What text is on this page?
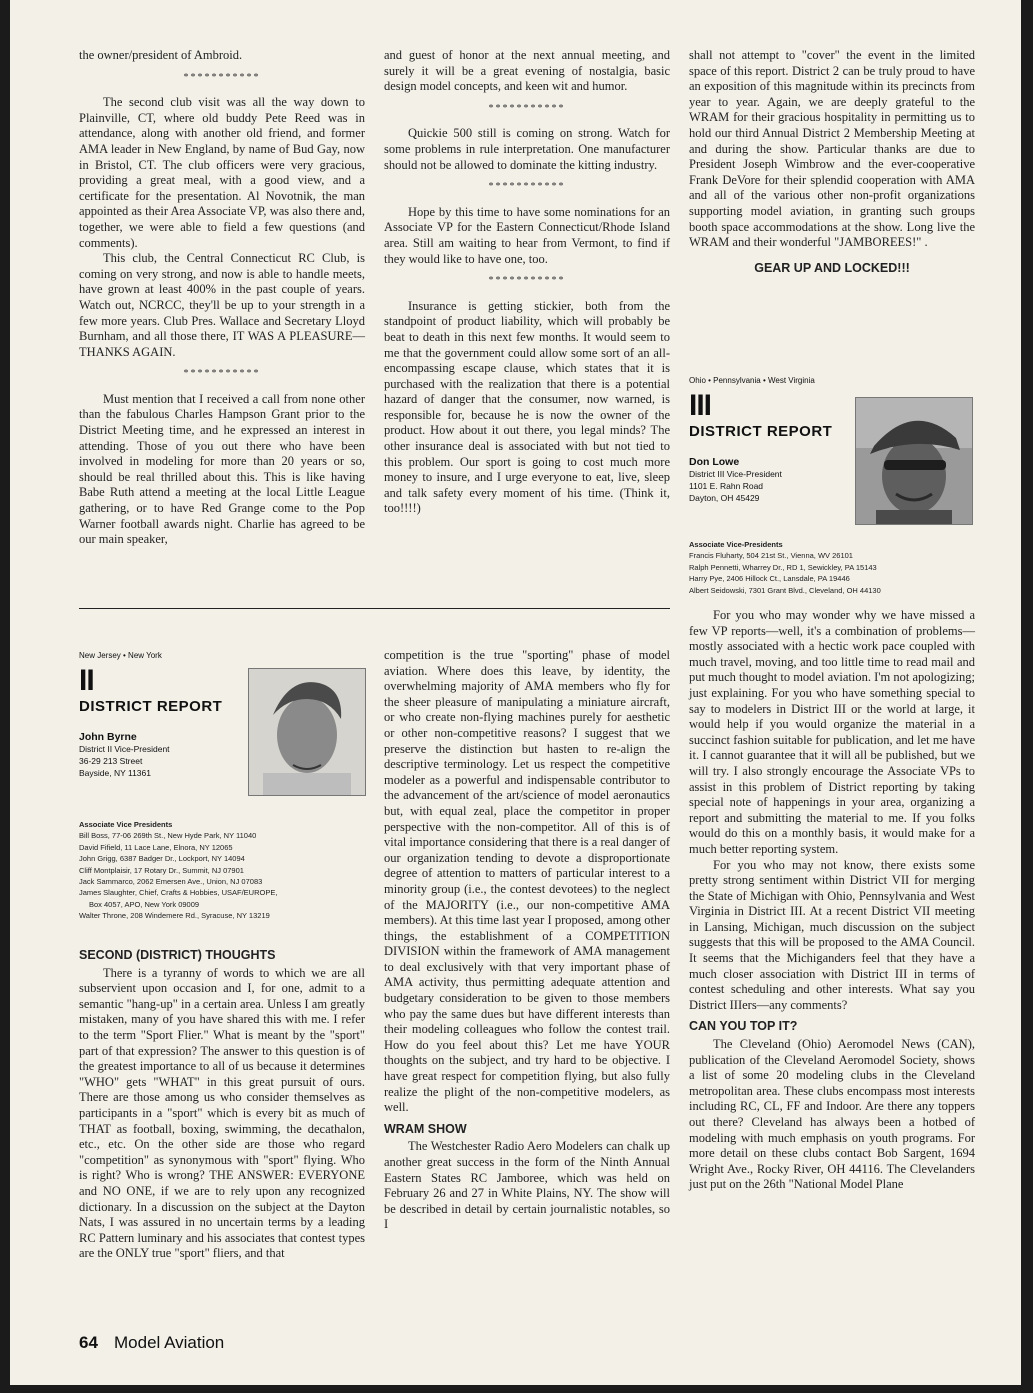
the owner/president of Ambroid.

***********

The second club visit was all the way down to Plainville, CT, where old buddy Pete Reed was in attendance, along with another old friend, and former AMA leader in New England, by name of Bud Gay, now in Bristol, CT. The club officers were very gracious, providing a great meal, with a good view, and a certificate for the presentation. Al Novotnik, the man appointed as their Area Associate VP, was also there and, together, we were able to field a few questions (and comments).

This club, the Central Connecticut RC Club, is coming on very strong, and now is able to handle meets, have grown at least 400% in the past couple of years. Watch out, NCRCC, they'll be up to your strength in a few more years. Club Pres. Wallace and Secretary Lloyd Burnham, and all those there, IT WAS A PLEASURE—THANKS AGAIN.

***********

Must mention that I received a call from none other than the fabulous Charles Hampson Grant prior to the District Meeting time, and he expressed an interest in attending. Those of you out there who have been involved in modeling for more than 20 years or so, should be real thrilled about this. This is like having Babe Ruth attend a meeting at the local Little League gathering, or to have Red Grange come to the Pop Warner football awards night. Charlie has agreed to be our main speaker,

and guest of honor at the next annual meeting, and surely it will be a great evening of nostalgia, basic design model concepts, and keen wit and humor.

***********

Quickie 500 still is coming on strong. Watch for some problems in rule interpretation. One manufacturer should not be allowed to dominate the kitting industry.

***********

Hope by this time to have some nominations for an Associate VP for the Eastern Connecticut/Rhode Island area. Still am waiting to hear from Vermont, to find if they would like to have one, too.

***********

Insurance is getting stickier, both from the standpoint of product liability, which will probably be beat to death in this next few months. It would seem to me that the government could allow some sort of an all-encompassing escape clause, which states that it is purchased with the realization that there is a potential hazard of danger that the consumer, now warned, is responsible for, because he is now the owner of the product. How about it out there, you legal minds? The other insurance deal is associated with but not tied to this problem. Our sport is going to cost much more money to insure, and I urge everyone to eat, live, sleep and talk safety every moment of his time. (Think it, too!!!!)

shall not attempt to "cover" the event in the limited space of this report. District 2 can be truly proud to have an exposition of this magnitude within its precincts from year to year. Again, we are deeply grateful to the WRAM for their gracious hospitality in permitting us to hold our third Annual District 2 Membership Meeting at and during the show. Particular thanks are due to President Joseph Wimbrow and the ever-cooperative Frank DeVore for their splendid cooperation with AMA and all of the various other non-profit organizations supporting model aviation, in granting such groups booth space accommodations at the show. Long live the WRAM and their wonderful "JAMBOREES!" .

GEAR UP AND LOCKED!!!
Ohio • Pennsylvania • West Virginia
III
DISTRICT REPORT
Don Lowe
District III Vice-President
1101 E. Rahn Road
Dayton, OH 45429
Associate Vice-Presidents
Francis Fluharty, 504 21st St., Vienna, WV 26101
Ralph Pennetti, Wharrey Dr., RD 1, Sewickley, PA 15143
Harry Pye, 2406 Hillock Ct., Lansdale, PA 19446
Albert Seidowski, 7301 Grant Blvd., Cleveland, OH 44130

For you who may wonder why we have missed a few VP reports—well, it's a combination of problems—mostly associated with a hectic work pace coupled with much travel, moving, and too little time to read mail and put much thought to model aviation. I'm not apologizing; just explaining. For you who have something special to say to modelers in District III or the world at large, it would help if you would organize the material in a succinct fashion suitable for publication, and let me have it. I cannot guarantee that it will all be published, but we will try. I also strongly encourage the Associate VPs to assist in this problem of District reporting by taking special note of happenings in your area, organizing a report and submitting the material to me. If you folks would do this on a monthly basis, it would make for a much better reporting system.

For you who may not know, there exists some pretty strong sentiment within District VII for merging the State of Michigan with Ohio, Pennsylvania and West Virginia in District III. At a recent District VII meeting in Lansing, Michigan, much discussion on the subject suggests that this will be proposed to the AMA Council. It seems that the Michiganders feel that they have a much closer association with District III in terms of contest scheduling and other interests. What say you District IIIers—any comments?

CAN YOU TOP IT?

The Cleveland (Ohio) Aeromodel News (CAN), publication of the Cleveland Aeromodel Society, shows a list of some 20 modeling clubs in the Cleveland metropolitan area. These clubs encompass most interests including RC, CL, FF and Indoor. Are there any toppers out there? Cleveland has always been a hotbed of modeling with much emphasis on youth programs. For more detail on these clubs contact Bob Sargent, 1694 Wright Ave., Rocky River, OH 44116. The Clevelanders just put on the 26th "National Model Plane

New Jersey • New York
II
DISTRICT REPORT
John Byrne
District II Vice-President
36-29 213 Street
Bayside, NY 11361
Associate Vice Presidents
Bill Boss, 77-06 269th St., New Hyde Park, NY 11040
David Fifield, 11 Lace Lane, Elnora, NY 12065
John Grigg, 6387 Badger Dr., Lockport, NY 14094
Cliff Montplaisir, 17 Rotary Dr., Summit, NJ 07901
Jack Sammarco, 2062 Emersen Ave., Union, NJ 07083
James Slaughter, Chief, Crafts & Hobbies, USAF/EUROPE,
Box 4057, APO, New York 09009
Walter Throne, 208 Windemere Rd., Syracuse, NY 13219
SECOND (DISTRICT) THOUGHTS

There is a tyranny of words to which we are all subservient upon occasion and I, for one, admit to a semantic "hang-up" in a certain area. Unless I am greatly mistaken, many of you have shared this with me. I refer to the term "Sport Flier." What is meant by the "sport" part of that expression? The answer to this question is of the greatest importance to all of us because it determines "WHO" gets "WHAT" in this great pursuit of ours. There are those among us who consider themselves as participants in a "sport" which is every bit as much of THAT as football, boxing, swimming, the decathalon, etc., etc. On the other side are those who regard "competition" as synonymous with "sport" flying. Who is right? Who is wrong? THE ANSWER: EVERYONE and NO ONE, if we are to rely upon any recognized dictionary. In a discussion on the subject at the Dayton Nats, I was assured in no uncertain terms by a leading RC Pattern luminary and his associates that contest types are the ONLY true "sport" fliers, and that

competition is the true "sporting" phase of model aviation. Where does this leave, by identity, the overwhelming majority of AMA members who fly for the sheer pleasure of manipulating a miniature aircraft, or who create non-flying machines purely for aesthetic or other non-competitive reasons? I suggest that we preserve the distinction but hasten to re-align the descriptive terminology. Let us respect the competitive modeler as a powerful and indispensable contributor to the advancement of the art/science of model aeronautics but, with equal zeal, place the competitor in proper perspective with the non-competitor. All of this is of vital importance considering that there is a real danger of our organization tending to devote a disproportionate degree of attention to matters of particular interest to a minority group (i.e., the contest devotees) to the neglect of the MAJORITY (i.e., our non-competitive AMA members). At this time last year I proposed, among other things, the establishment of a COMPETITION DIVISION within the framework of AMA management to deal exclusively with that very important phase of AMA activity, thus permitting adequate attention and budgetary consideration to be given to those members who pay the same dues but have different interests than their modeling colleagues who follow the contest trail. How do you feel about this? Let me have YOUR thoughts on the subject, and try hard to be objective. I have great respect for competition flying, but also fully realize the plight of the non-competitive modelers, as well.

WRAM SHOW

The Westchester Radio Aero Modelers can chalk up another great success in the form of the Ninth Annual Eastern States RC Jamboree, which was held on February 26 and 27 in White Plains, NY. The show will be described in detail by certain journalistic notables, so I

64 Model Aviation
